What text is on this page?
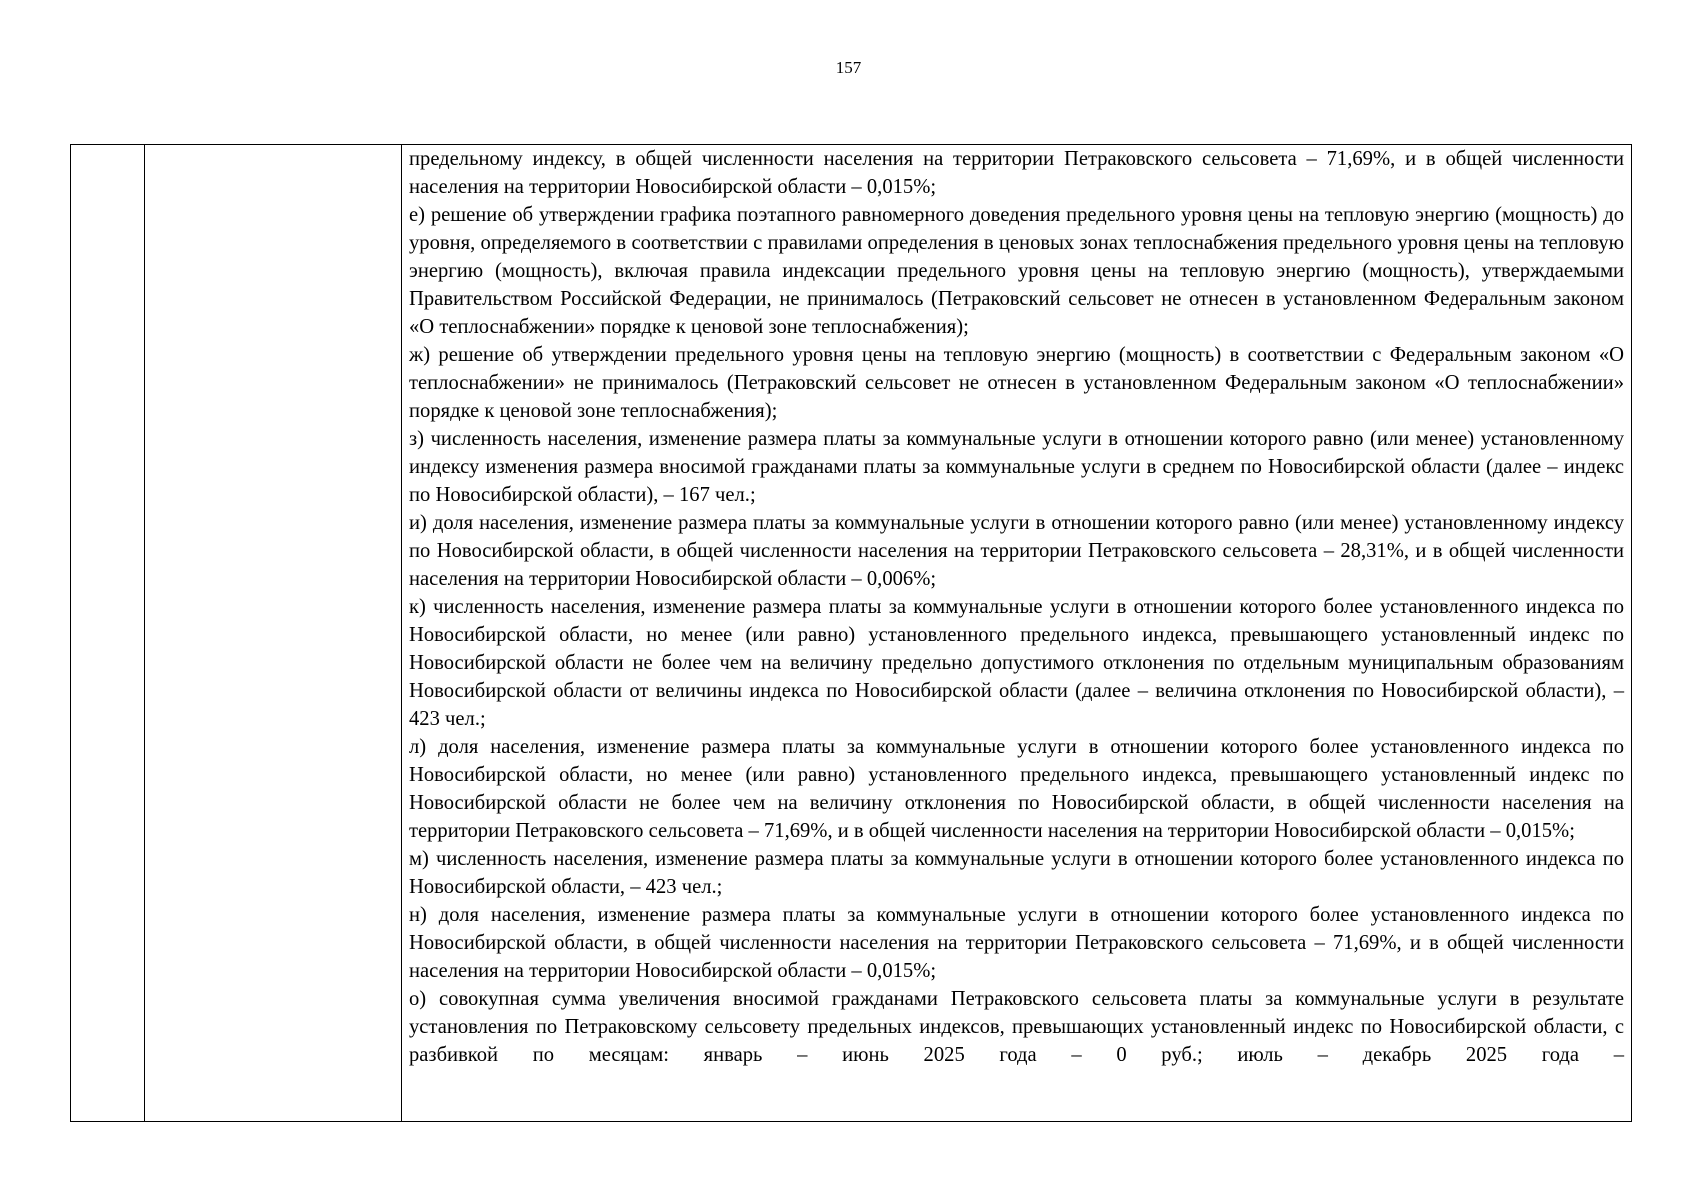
157

предельному индексу, в общей численности населения на территории Петраковского сельсовета – 71,69%, и в общей численности населения на территории Новосибирской области – 0,015%;

е) решение об утверждении графика поэтапного равномерного доведения предельного уровня цены на тепловую энергию (мощность) до уровня, определяемого в соответствии с правилами определения в ценовых зонах теплоснабжения предельного уровня цены на тепловую энергию (мощность), включая правила индексации предельного уровня цены на тепловую энергию (мощность), утверждаемыми Правительством Российской Федерации, не принималось (Петраковский сельсовет не отнесен в установленном Федеральным законом «О теплоснабжении» порядке к ценовой зоне теплоснабжения);

ж) решение об утверждении предельного уровня цены на тепловую энергию (мощность) в соответствии с Федеральным законом «О теплоснабжении» не принималось (Петраковский сельсовет не отнесен в установленном Федеральным законом «О теплоснабжении» порядке к ценовой зоне теплоснабжения);

з) численность населения, изменение размера платы за коммунальные услуги в отношении которого равно (или менее) установленному индексу изменения размера вносимой гражданами платы за коммунальные услуги в среднем по Новосибирской области (далее – индекс по Новосибирской области), – 167 чел.;

и) доля населения, изменение размера платы за коммунальные услуги в отношении которого равно (или менее) установленному индексу по Новосибирской области, в общей численности населения на территории Петраковского сельсовета – 28,31%, и в общей численности населения на территории Новосибирской области – 0,006%;

к) численность населения, изменение размера платы за коммунальные услуги в отношении которого более установленного индекса по Новосибирской области, но менее (или равно) установленного предельного индекса, превышающего установленный индекс по Новосибирской области не более чем на величину предельно допустимого отклонения по отдельным муниципальным образованиям Новосибирской области от величины индекса по Новосибирской области (далее – величина отклонения по Новосибирской области), – 423 чел.;

л) доля населения, изменение размера платы за коммунальные услуги в отношении которого более установленного индекса по Новосибирской области, но менее (или равно) установленного предельного индекса, превышающего установленный индекс по Новосибирской области не более чем на величину отклонения по Новосибирской области, в общей численности населения на территории Петраковского сельсовета – 71,69%, и в общей численности населения на территории Новосибирской области – 0,015%;

м) численность населения, изменение размера платы за коммунальные услуги в отношении которого более установленного индекса по Новосибирской области, – 423 чел.;

н) доля населения, изменение размера платы за коммунальные услуги в отношении которого более установленного индекса по Новосибирской области, в общей численности населения на территории Петраковского сельсовета – 71,69%, и в общей численности населения на территории Новосибирской области – 0,015%;

о) совокупная сумма увеличения вносимой гражданами Петраковского сельсовета платы за коммунальные услуги в результате установления по Петраковскому сельсовету предельных индексов, превышающих установленный индекс по Новосибирской области, с разбивкой по месяцам: январь – июнь 2025 года – 0 руб.; июль – декабрь 2025 года –
